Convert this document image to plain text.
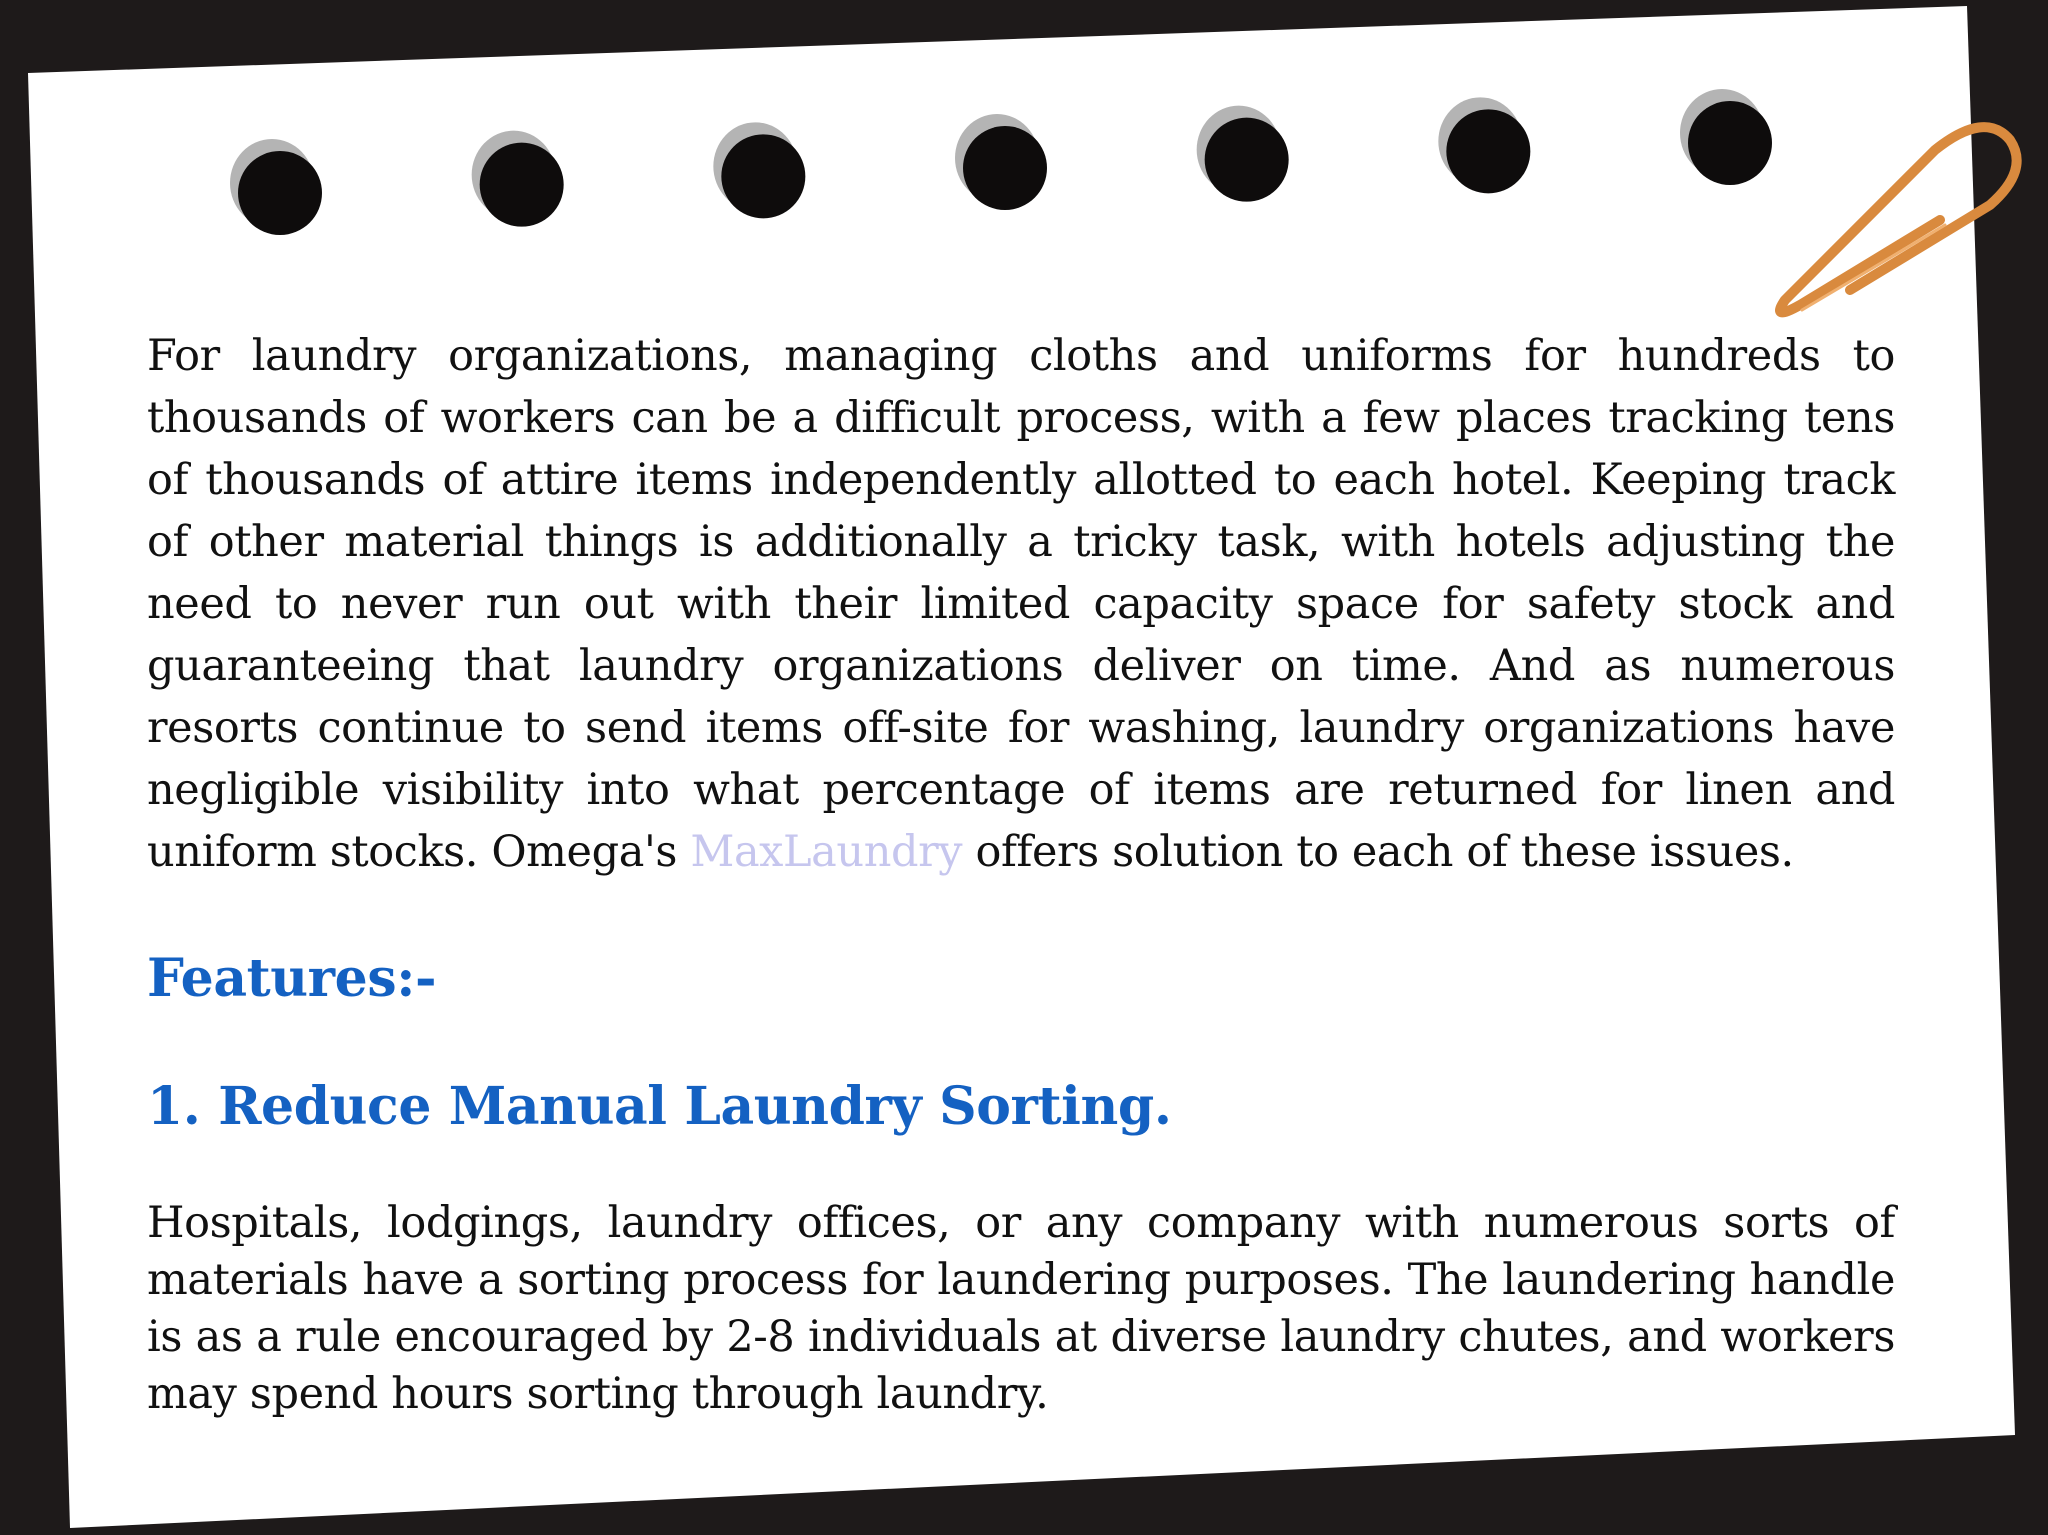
For laundry organizations, managing cloths and uniforms for hundreds to thousands of workers can be a difficult process, with a few places tracking tens of thousands of attire items independently allotted to each hotel. Keeping track of other material things is additionally a tricky task, with hotels adjusting the need to never run out with their limited capacity space for safety stock and guaranteeing that laundry organizations deliver on time. And as numerous resorts continue to send items off-site for washing, laundry organizations have negligible visibility into what percentage of items are returned for linen and uniform stocks. Omega's MaxLaundry offers solution to each of these issues.

Features:-
1. Reduce Manual Laundry Sorting.

Hospitals, lodgings, laundry offices, or any company with numerous sorts of materials have a sorting process for laundering purposes. The laundering handle is as a rule encouraged by 2-8 individuals at diverse laundry chutes, and workers may spend hours sorting through laundry.
